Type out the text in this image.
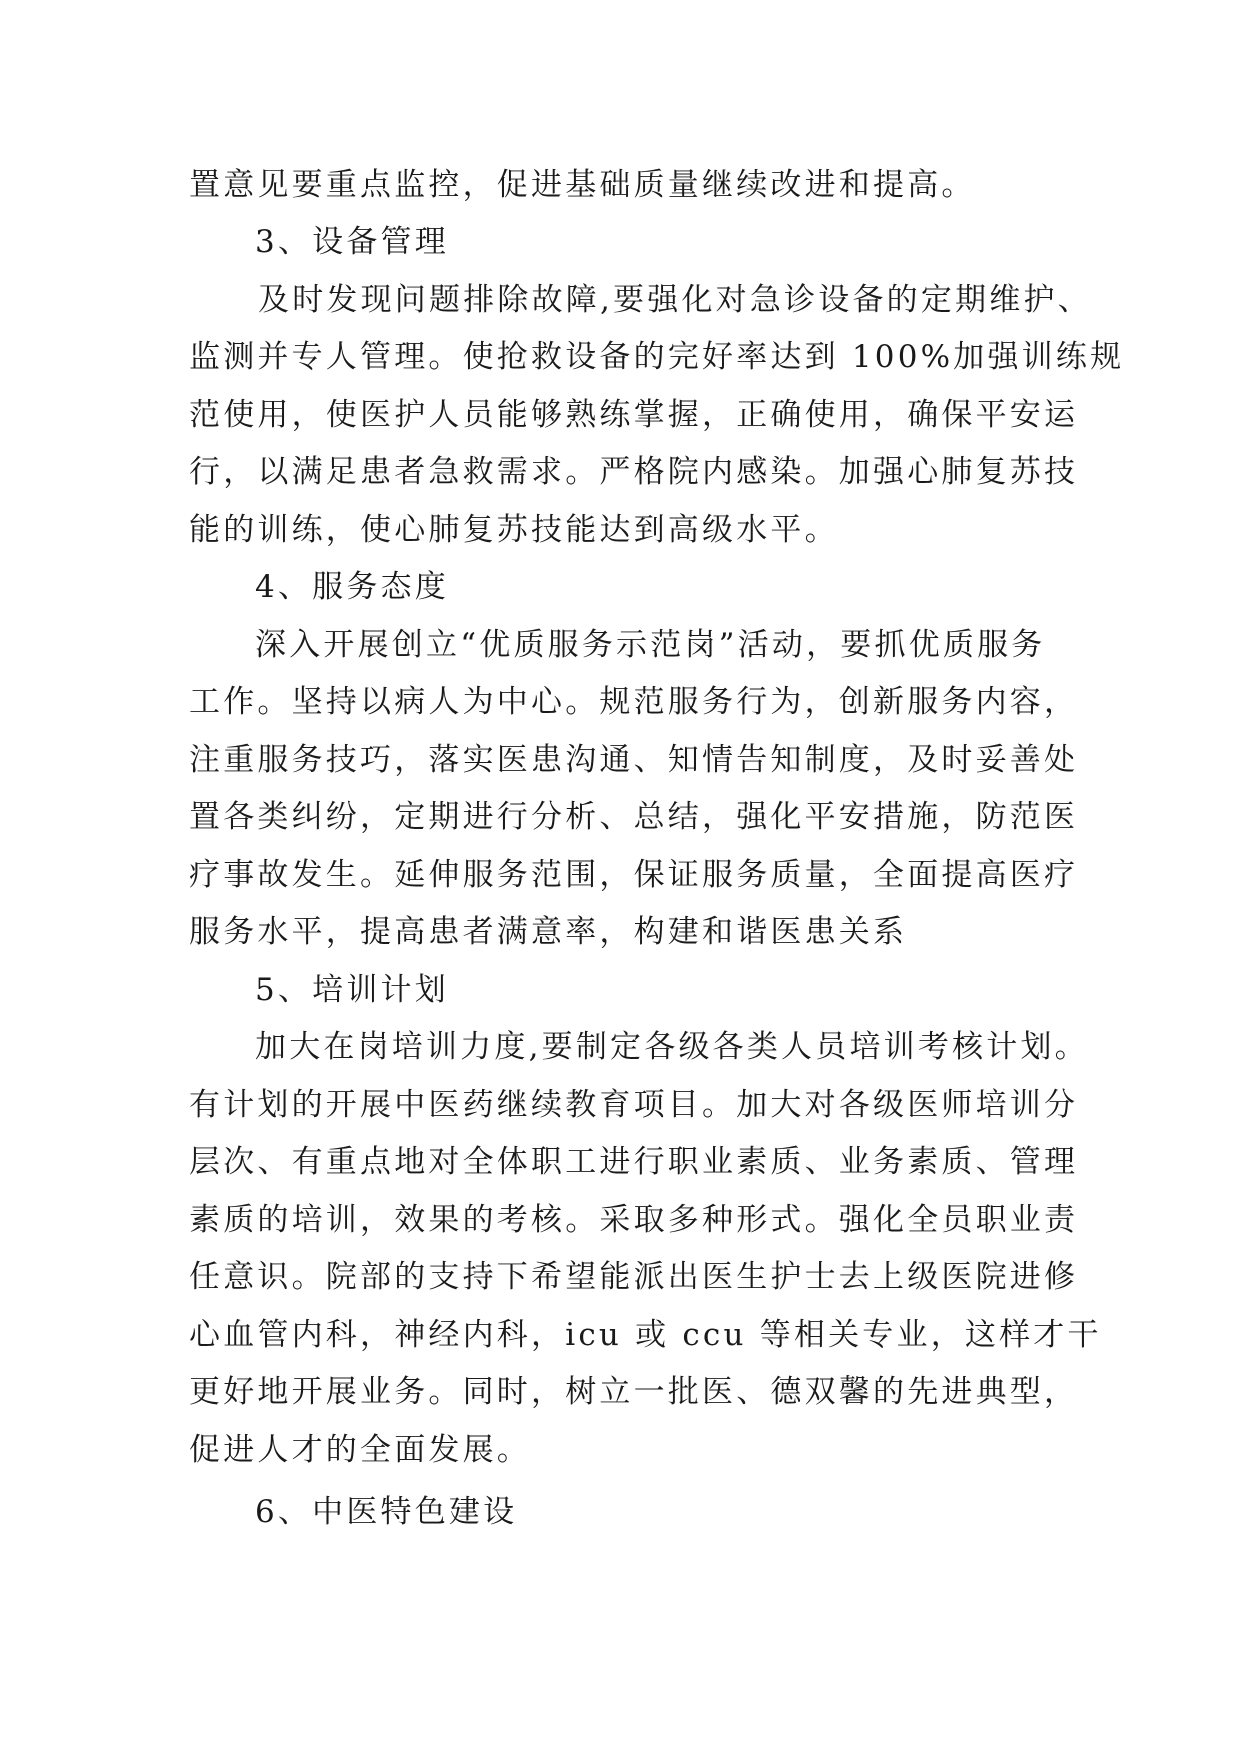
置意见要重点监控，促进基础质量继续改进和提高。
3、设备管理
及时发现问题排除故障,要强化对急诊设备的定期维护、
监测并专人管理。使抢救设备的完好率达到 100%加强训练规
范使用，使医护人员能够熟练掌握，正确使用，确保平安运
行，以满足患者急救需求。严格院内感染。加强心肺复苏技
能的训练，使心肺复苏技能达到高级水平。
4、服务态度
深入开展创立“优质服务示范岗”活动，要抓优质服务
工作。坚持以病人为中心。规范服务行为，创新服务内容，
注重服务技巧，落实医患沟通、知情告知制度，及时妥善处
置各类纠纷，定期进行分析、总结，强化平安措施，防范医
疗事故发生。延伸服务范围，保证服务质量，全面提高医疗
服务水平，提高患者满意率，构建和谐医患关系
5、培训计划
加大在岗培训力度,要制定各级各类人员培训考核计划。
有计划的开展中医药继续教育项目。加大对各级医师培训分
层次、有重点地对全体职工进行职业素质、业务素质、管理
素质的培训，效果的考核。采取多种形式。强化全员职业责
任意识。院部的支持下希望能派出医生护士去上级医院进修
心血管内科，神经内科，icu 或 ccu 等相关专业，这样才干
更好地开展业务。同时，树立一批医、德双馨的先进典型，
促进人才的全面发展。
6、中医特色建设
